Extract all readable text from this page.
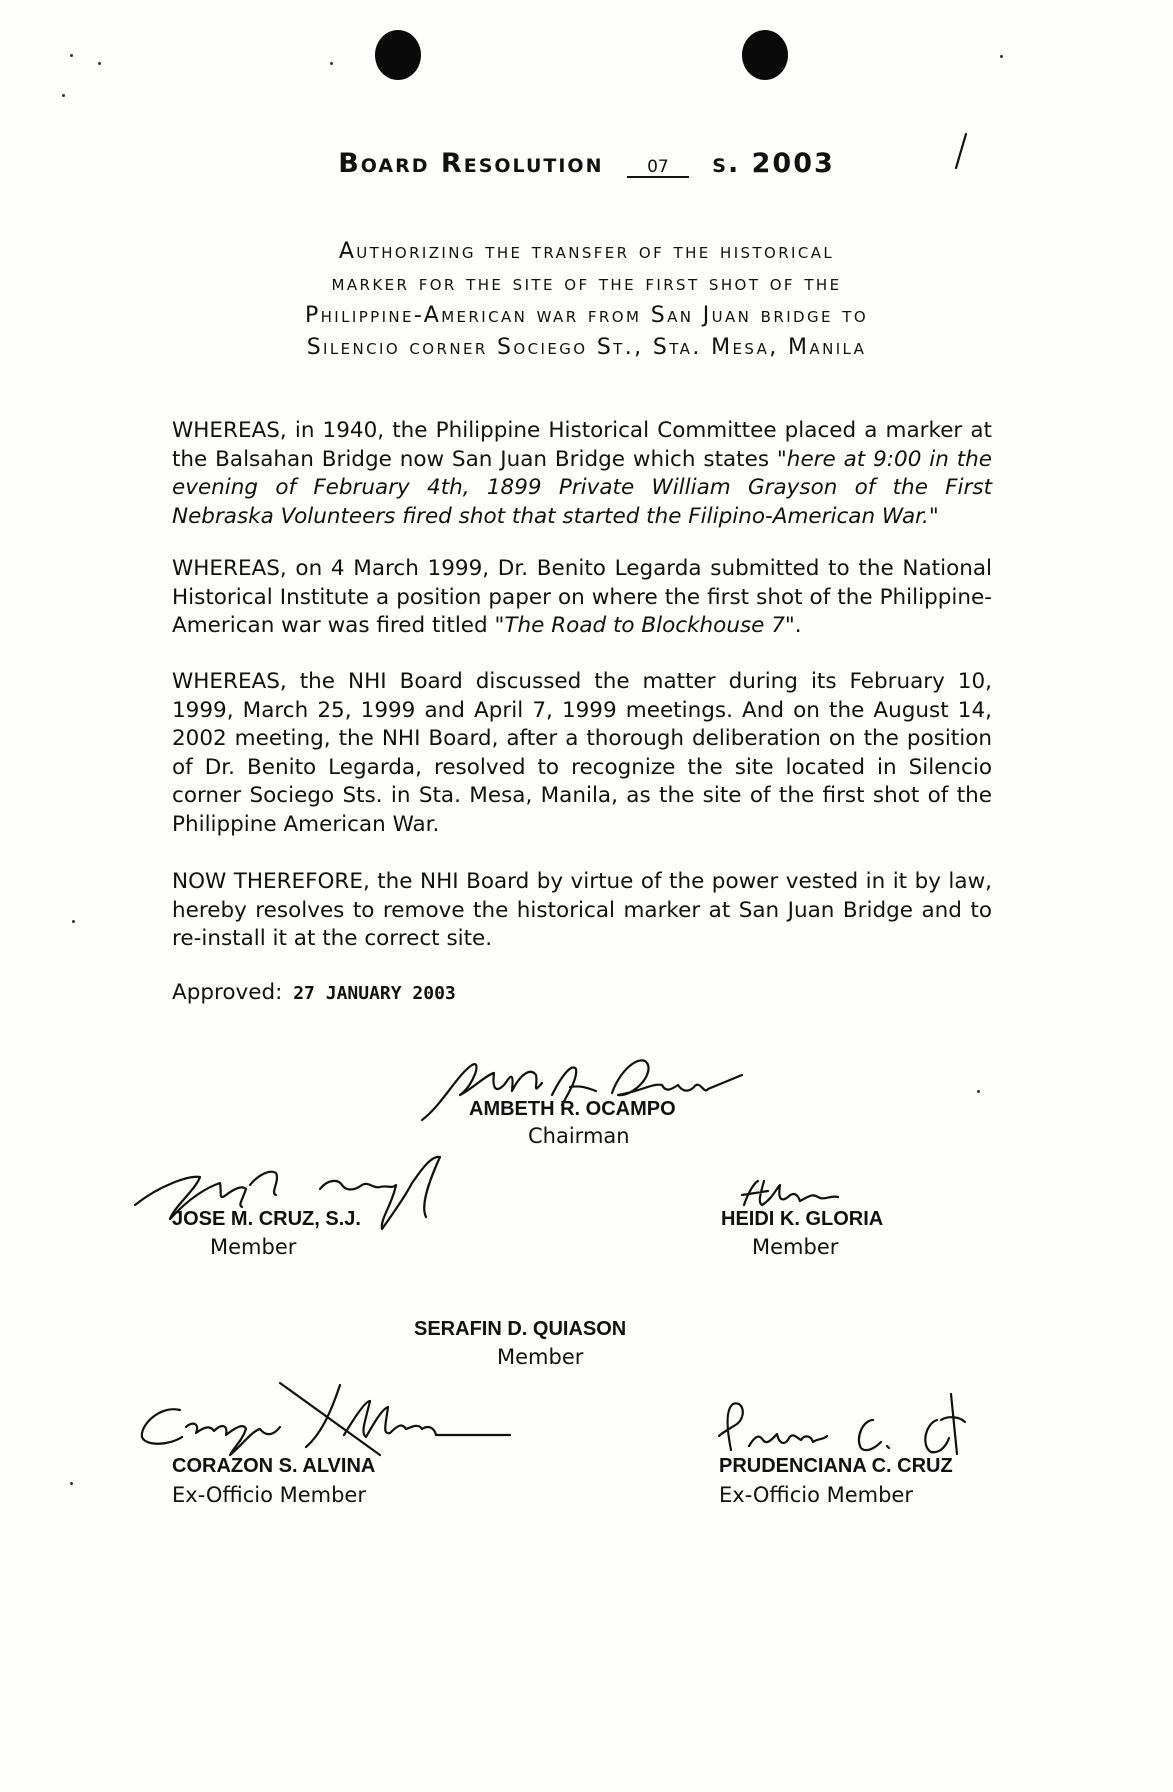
Board Resolution	07 s. 2003
Authorizing the transfer of the historical
marker for the site of the first shot of the
Philippine-American war from San Juan bridge to
Silencio corner Sociego St., Sta. Mesa, Manila
WHEREAS, in 1940, the Philippine Historical Committee placed a marker at the Balsahan Bridge now San Juan Bridge which states "here at 9:00 in the evening of February 4th, 1899 Private William Grayson of the First Nebraska Volunteers fired shot that started the Filipino-American War."
WHEREAS, on 4 March 1999, Dr. Benito Legarda submitted to the National Historical Institute a position paper on where the first shot of the Philippine-American war was fired titled "The Road to Blockhouse 7".
WHEREAS, the NHI Board discussed the matter during its February 10, 1999, March 25, 1999 and April 7, 1999 meetings. And on the August 14, 2002 meeting, the NHI Board, after a thorough deliberation on the position of Dr. Benito Legarda, resolved to recognize the site located in Silencio corner Sociego Sts. in Sta. Mesa, Manila, as the site of the first shot of the Philippine American War.
NOW THEREFORE, the NHI Board by virtue of the power vested in it by law, hereby resolves to remove the historical marker at San Juan Bridge and to re-install it at the correct site.
Approved: 27 JANUARY 2003
AMBETH R. OCAMPO
Chairman
JOSE M. CRUZ, S.J.
Member
HEIDI K. GLORIA
Member
SERAFIN D. QUIASON
Member
CORAZON S. ALVINA
Ex-Officio Member
PRUDENCIANA C. CRUZ
Ex-Officio Member
